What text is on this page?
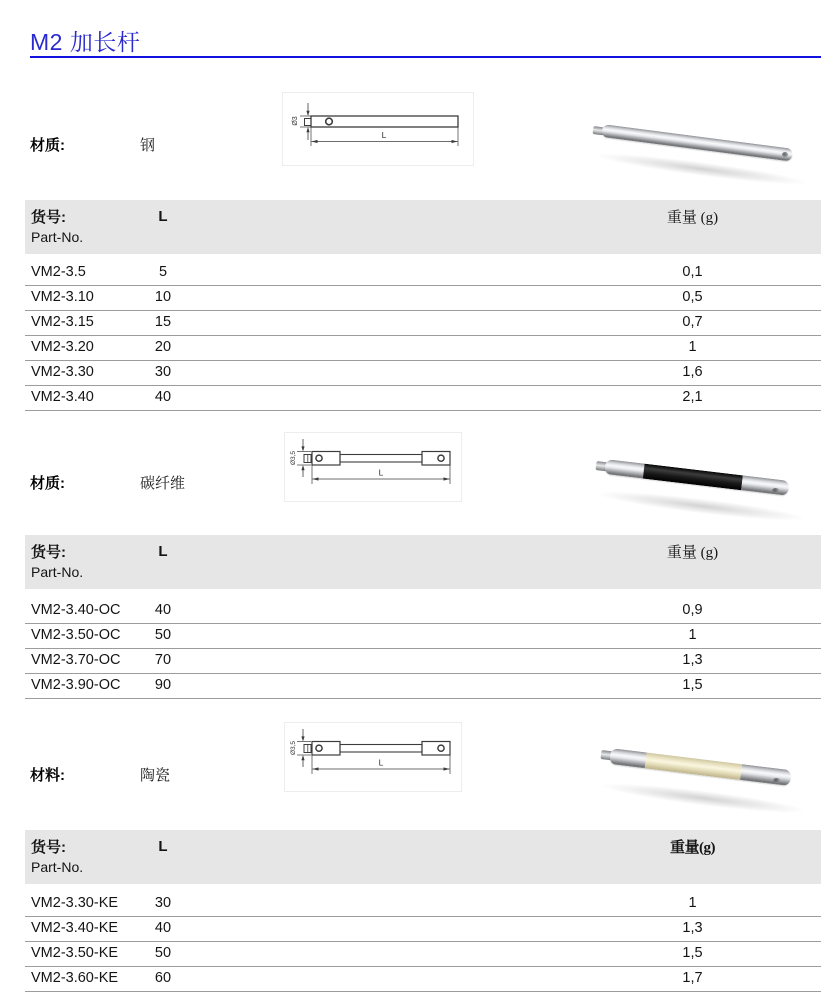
M2 加长杆
材质:	钢
Ø3
L
货号:
Part-No.
L	重量 (g)
VM2-3.5	5	0,1
VM2-3.10	10	0,5
VM2-3.15	15	0,7
VM2-3.20	20	1
VM2-3.30	30	1,6
VM2-3.40	40	2,1
材质:	碳纤维
Ø3,5
L
货号:
Part-No.
L	重量 (g)
VM2-3.40-OC	40	0,9
VM2-3.50-OC	50	1
VM2-3.70-OC	70	1,3
VM2-3.90-OC	90	1,5
材料:	陶瓷
Ø3,5
L
货号:
Part-No.
L	重量(g)
VM2-3.30-KE	30	1
VM2-3.40-KE	40	1,3
VM2-3.50-KE	50	1,5
VM2-3.60-KE	60	1,7
